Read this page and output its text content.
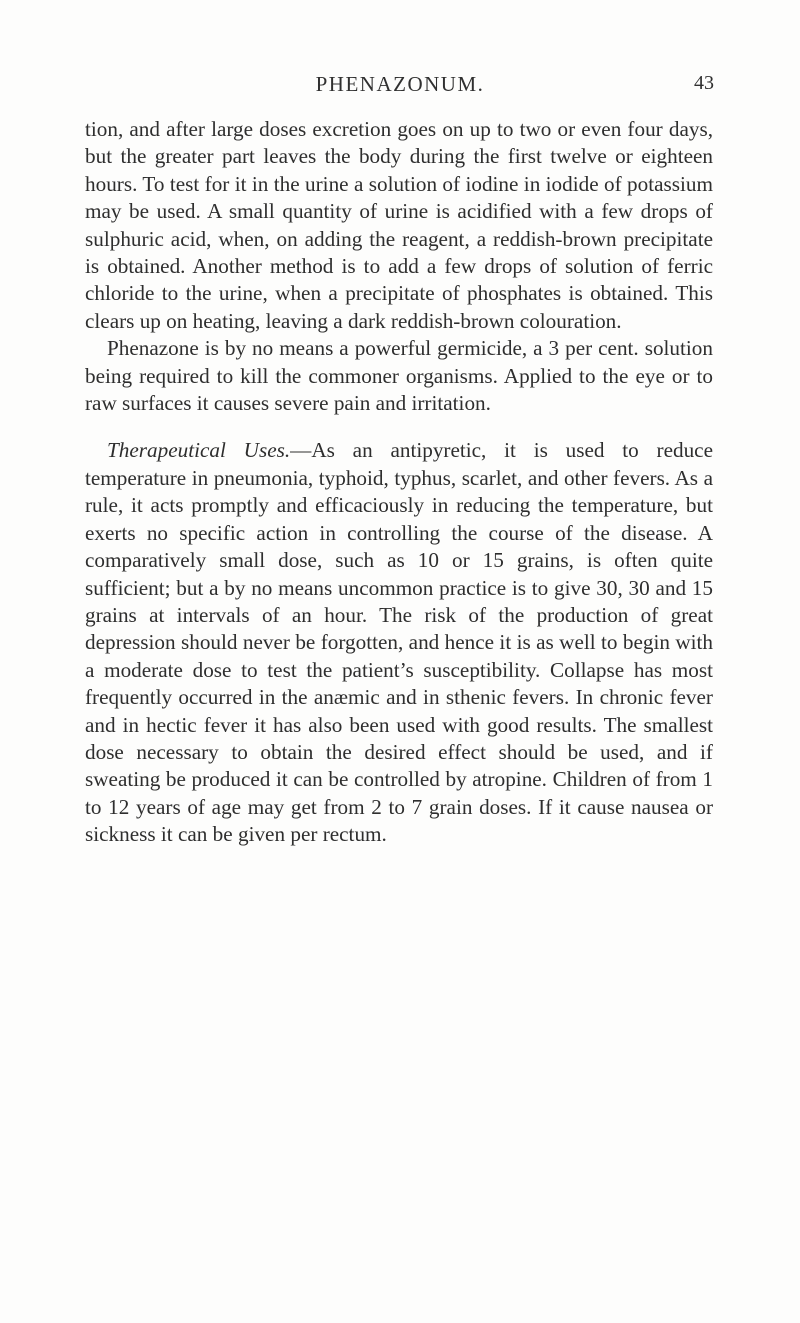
PHENAZONUM.	43

tion, and after large doses excretion goes on up to two or even four days, but the greater part leaves the body during the first twelve or eighteen hours. To test for it in the urine a solution of iodine in iodide of potassium may be used. A small quantity of urine is acidified with a few drops of sulphuric acid, when, on adding the reagent, a reddish-brown precipitate is obtained. Another method is to add a few drops of solution of ferric chloride to the urine, when a precipitate of phosphates is obtained. This clears up on heating, leaving a dark reddish-brown colouration.

Phenazone is by no means a powerful germicide, a 3 per cent. solution being required to kill the commoner organisms. Applied to the eye or to raw surfaces it causes severe pain and irritation.

Therapeutical Uses.—As an antipyretic, it is used to reduce temperature in pneumonia, typhoid, typhus, scarlet, and other fevers. As a rule, it acts promptly and efficaciously in reducing the temperature, but exerts no specific action in controlling the course of the disease. A comparatively small dose, such as 10 or 15 grains, is often quite sufficient; but a by no means uncommon practice is to give 30, 30 and 15 grains at intervals of an hour. The risk of the production of great depression should never be forgotten, and hence it is as well to begin with a moderate dose to test the patient’s susceptibility. Collapse has most frequently occurred in the anæmic and in sthenic fevers. In chronic fever and in hectic fever it has also been used with good results. The smallest dose necessary to obtain the desired effect should be used, and if sweating be produced it can be controlled by atropine. Children of from 1 to 12 years of age may get from 2 to 7 grain doses. If it cause nausea or sickness it can be given per rectum.
